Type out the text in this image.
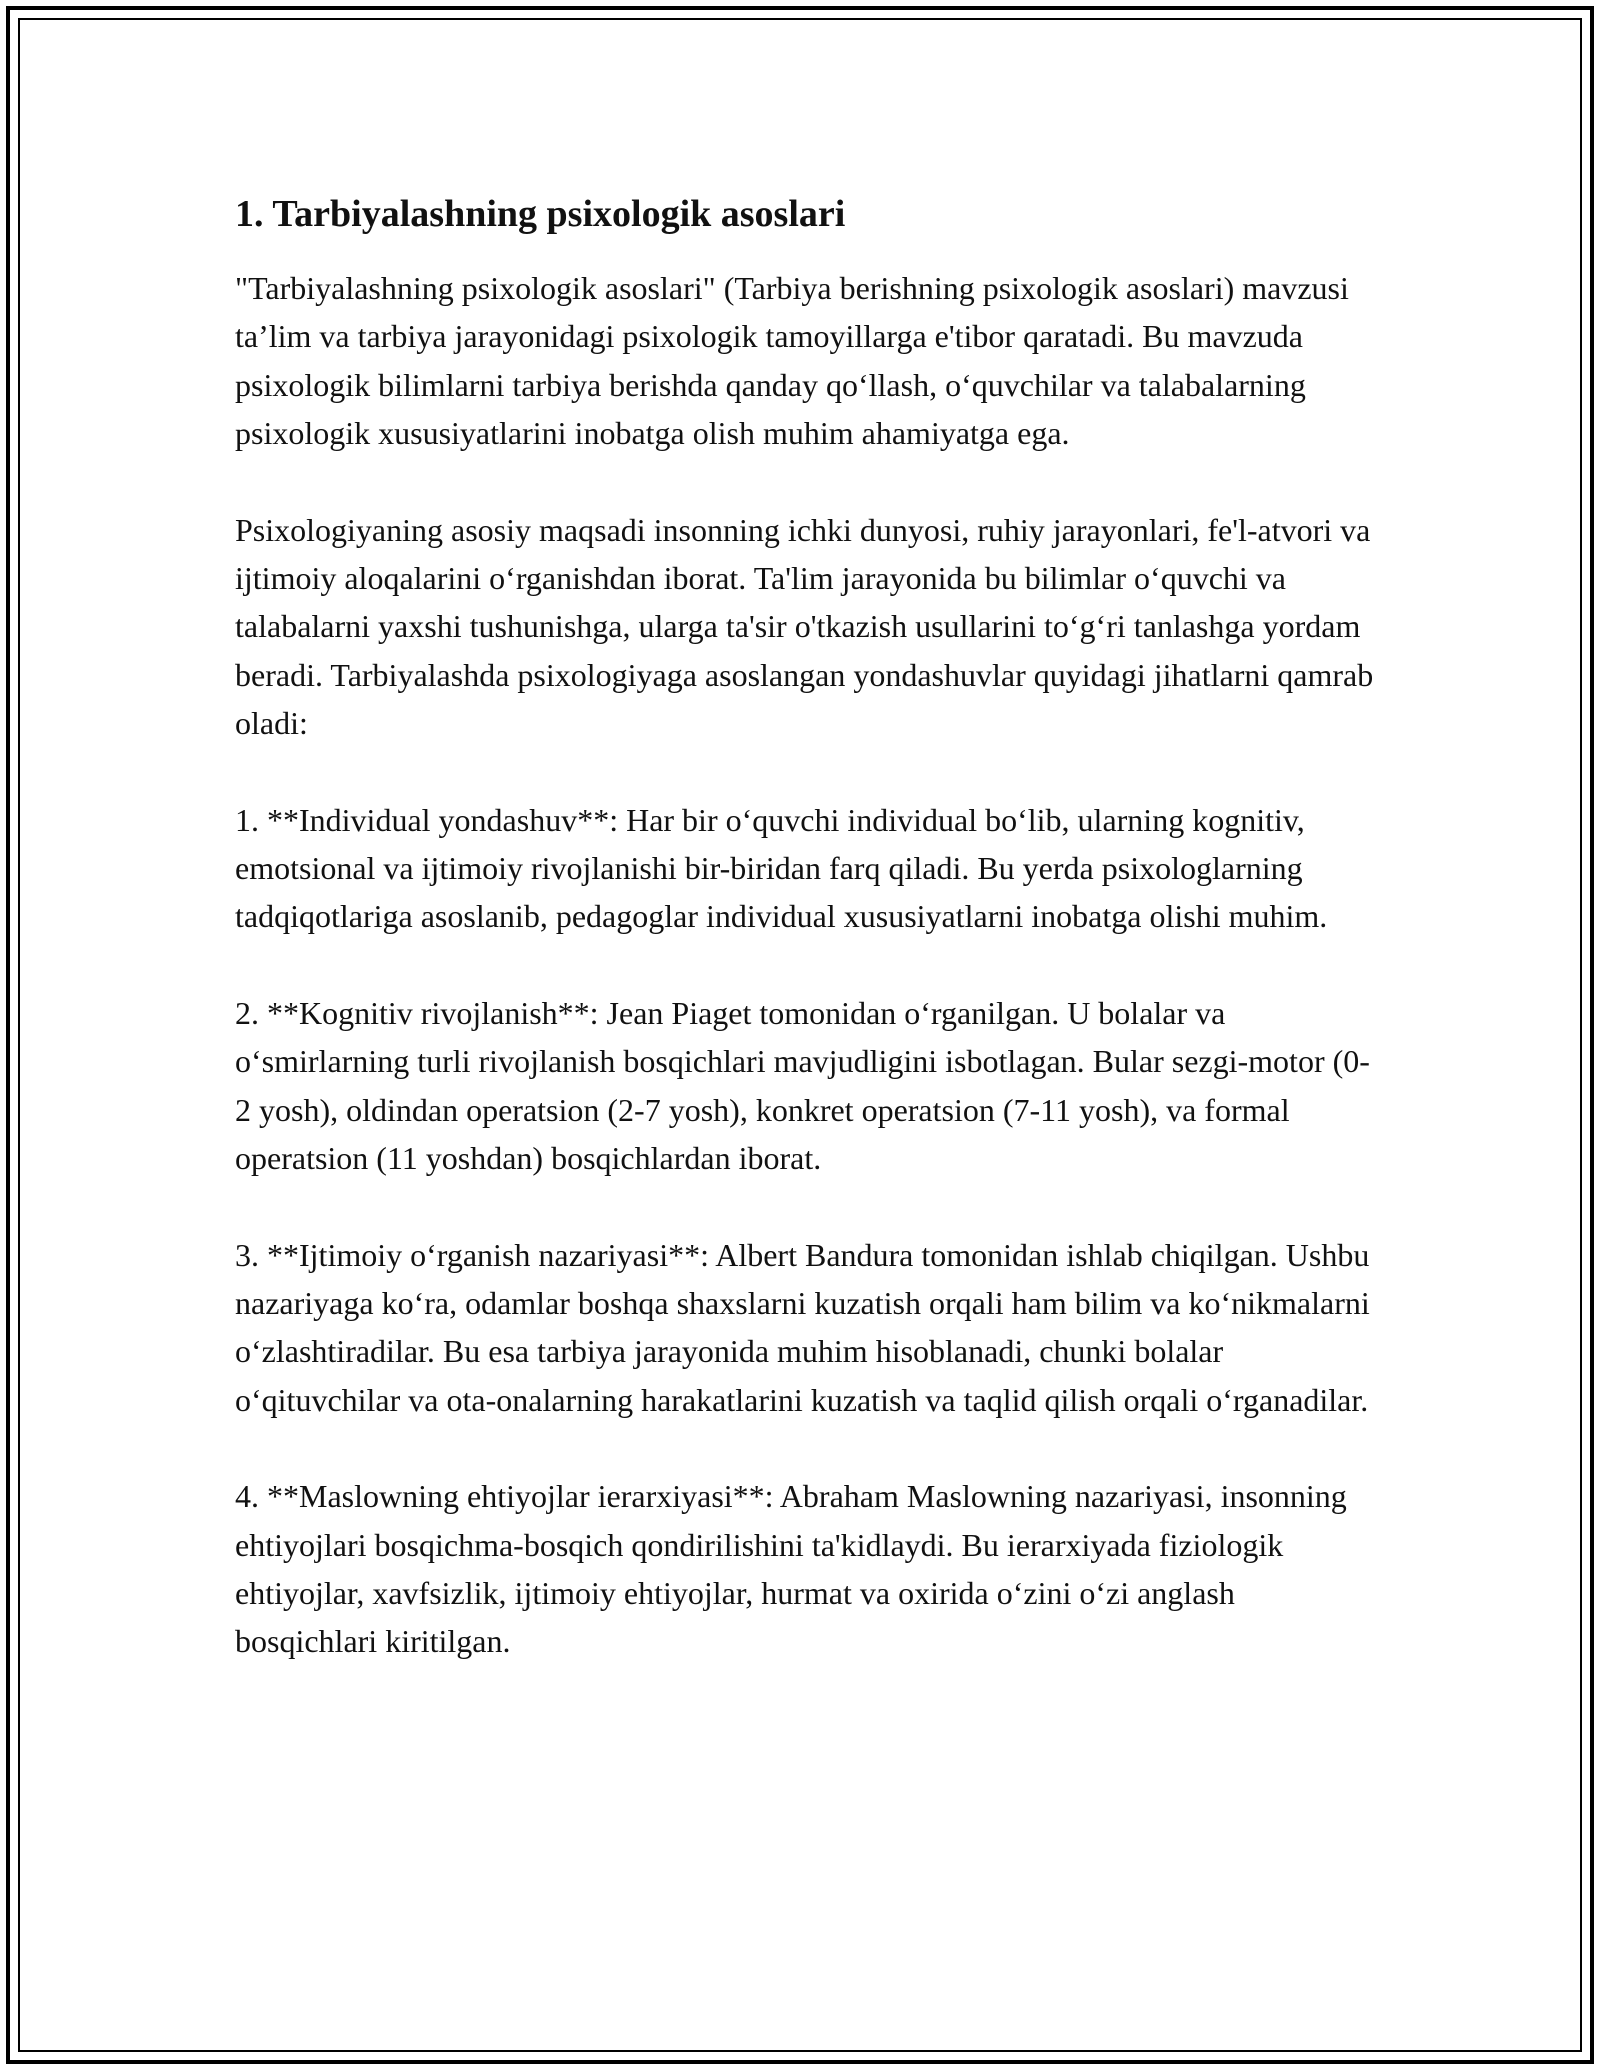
1. Tarbiyalashning psixologik asoslari

"Tarbiyalashning psixologik asoslari" (Tarbiya berishning psixologik asoslari) mavzusi ta’lim va tarbiya jarayonidagi psixologik tamoyillarga e'tibor qaratadi. Bu mavzuda psixologik bilimlarni tarbiya berishda qanday qo‘llash, o‘quvchilar va talabalarning psixologik xususiyatlarini inobatga olish muhim ahamiyatga ega.

Psixologiyaning asosiy maqsadi insonning ichki dunyosi, ruhiy jarayonlari, fe'l-atvori va ijtimoiy aloqalarini o‘rganishdan iborat. Ta'lim jarayonida bu bilimlar o‘quvchi va talabalarni yaxshi tushunishga, ularga ta'sir o'tkazish usullarini to‘g‘ri tanlashga yordam beradi. Tarbiyalashda psixologiyaga asoslangan yondashuvlar quyidagi jihatlarni qamrab oladi:

1. **Individual yondashuv**: Har bir o‘quvchi individual bo‘lib, ularning kognitiv, emotsional va ijtimoiy rivojlanishi bir-biridan farq qiladi. Bu yerda psixologlarning tadqiqotlariga asoslanib, pedagoglar individual xususiyatlarni inobatga olishi muhim.

2. **Kognitiv rivojlanish**: Jean Piaget tomonidan o‘rganilgan. U bolalar va o‘smirlarning turli rivojlanish bosqichlari mavjudligini isbotlagan. Bular sezgi-motor (0-2 yosh), oldindan operatsion (2-7 yosh), konkret operatsion (7-11 yosh), va formal operatsion (11 yoshdan) bosqichlardan iborat.

3. **Ijtimoiy o‘rganish nazariyasi**: Albert Bandura tomonidan ishlab chiqilgan. Ushbu nazariyaga ko‘ra, odamlar boshqa shaxslarni kuzatish orqali ham bilim va ko‘nikmalarni o‘zlashtiradilar. Bu esa tarbiya jarayonida muhim hisoblanadi, chunki bolalar o‘qituvchilar va ota-onalarning harakatlarini kuzatish va taqlid qilish orqali o‘rganadilar.

4. **Maslowning ehtiyojlar ierarxiyasi**: Abraham Maslowning nazariyasi, insonning ehtiyojlari bosqichma-bosqich qondirilishini ta'kidlaydi. Bu ierarxiyada fiziologik ehtiyojlar, xavfsizlik, ijtimoiy ehtiyojlar, hurmat va oxirida o‘zini o‘zi anglash bosqichlari kiritilgan.
